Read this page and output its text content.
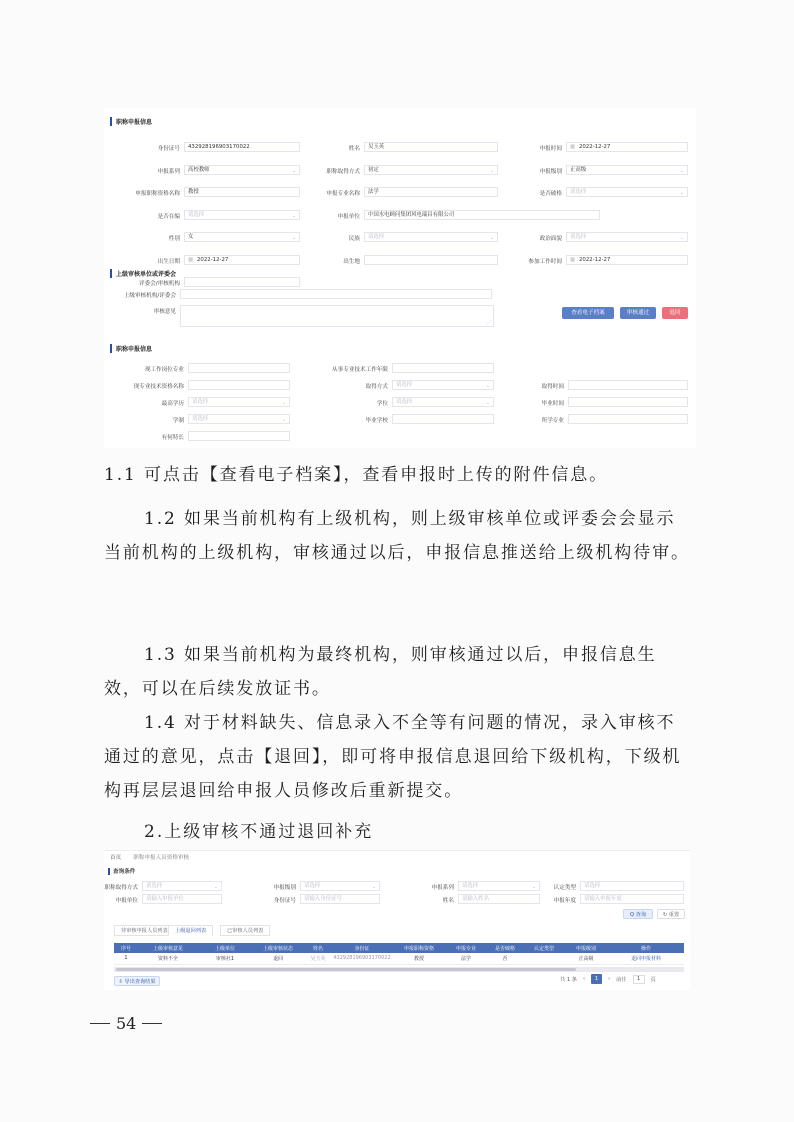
职称申报信息
身份证号	432928196903170022	姓名	吴玉英	申报时间 ▦ 2022-12-27
申报系列	高校教师	⌄	职称取得方式	初定	⌄	申报级别	正高级	⌄
申报职称资格名称	教授	申报专业名称	法学	是否破格	请选择	⌄
是否在编	请选择	⌄	申报单位	中国水电顾问集团风电瑞昌有限公司
性别	女	⌄	民族	请选择	⌄	政治面貌	请选择	⌄
出生日期 ▦ 2022-12-27	出生地	参加工作时间 ▦ 2022-12-27
评委会/审核机构
上级审核单位或评委会
上级审核机构/评委会
审核意见
⋰
查看电子档案	审核通过	退回
职称申报信息
现工作岗位专业	从事专业技术工作年限
现专业技术资格名称	取得方式	请选择	⌄	取得时间
最高学历	请选择	⌄	学位	请选择	⌄	毕业时间
学制	请选择	⌄	毕业学校	所学专业
有何特长

1.1 可点击【查看电子档案】，查看申报时上传的附件信息。

1.2 如果当前机构有上级机构，则上级审核单位或评委会会显示当前机构的上级机构，审核通过以后，申报信息推送给上级机构待审。

1.3 如果当前机构为最终机构，则审核通过以后，申报信息生效，可以在后续发放证书。

1.4 对于材料缺失、信息录入不全等有问题的情况，录入审核不通过的意见，点击【退回】，即可将申报信息退回给下级机构，下级机构再层层退回给申报人员修改后重新提交。

2.上级审核不通过退回补充
首页 职称申报人员资格审核
查询条件
职称取得方式	请选择	⌄	申报级别	请选择	⌄	申报系列	请选择	⌄	认定类型	请选择
申报单位	请输入申报单位	身份证号	请输入身份证号	姓名	请输入姓名	申报年度	请输入申报年度
Q 查询	↻ 重置
待审核申报人员列表	上级退回列表	已审核人员列表
序号	上级审核意见	上级单位	上级审核状态	姓名	身份证	申报职称资格	申报专业	是否破格	认定类型	申报级别	操作
1	资料不全	审核社1	退回	吴玉英	432928196903170022	教授	法学	否		正高级	退回申报材料
⇩ 导出查询结果	共 1 条 ‹	1	› 前往	1	页
54
